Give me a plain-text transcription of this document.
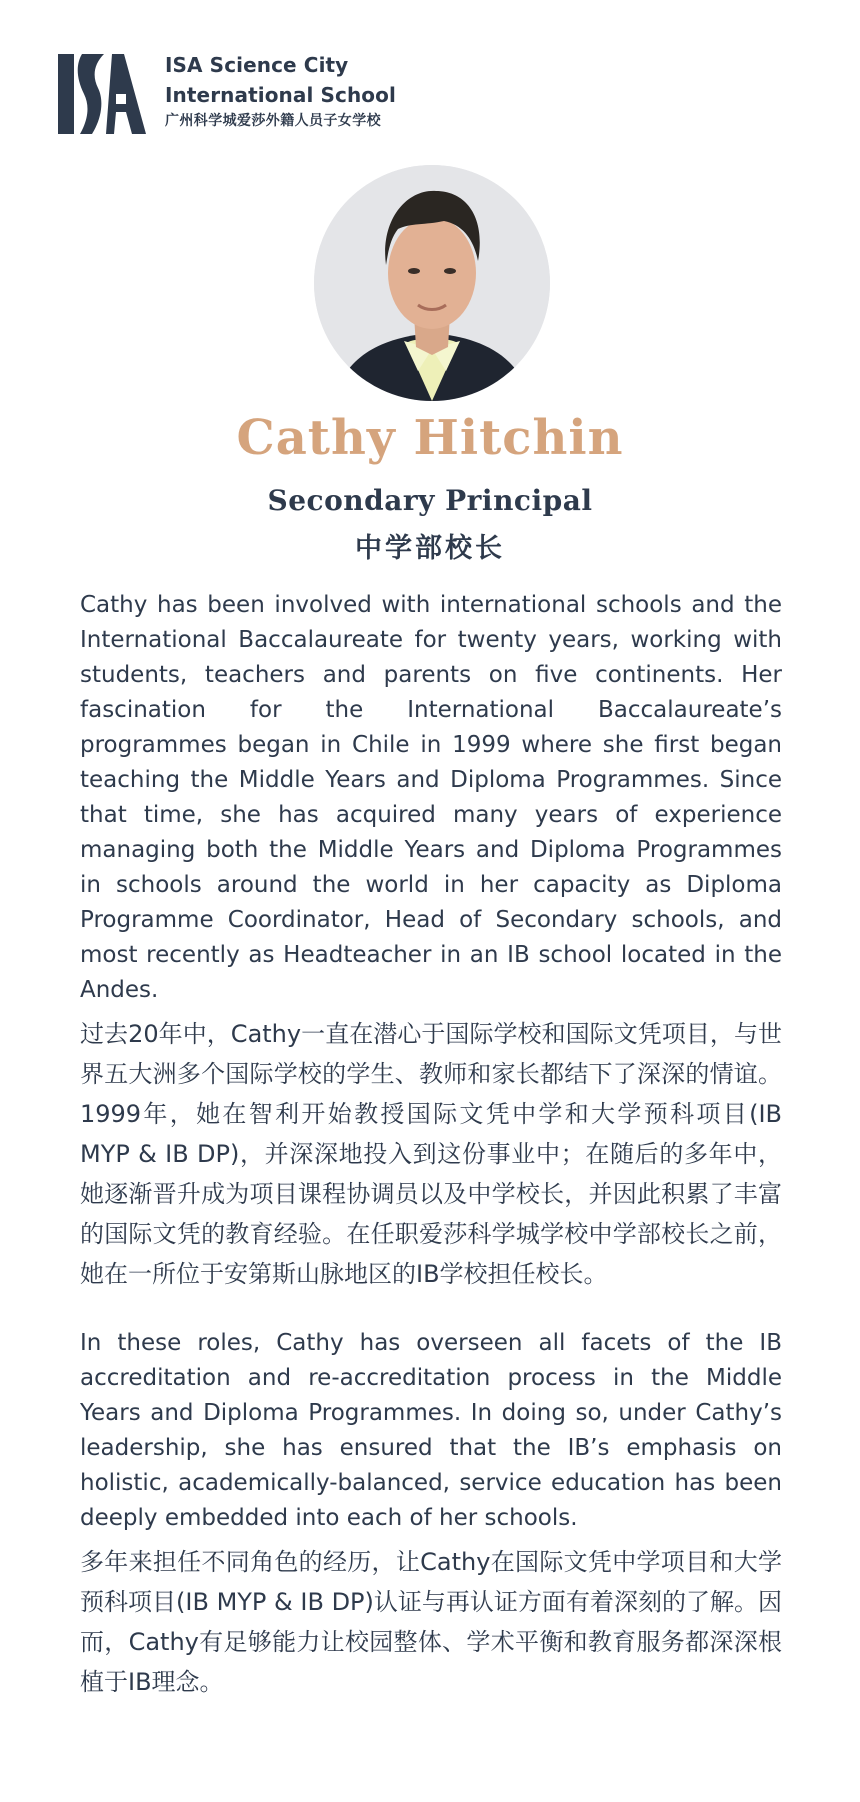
ISA Science City
International School
广州科学城爱莎外籍人员子女学校
Cathy Hitchin
Secondary Principal
中学部校长

Cathy has been involved with international schools and the International Baccalaureate for twenty years, working with students, teachers and parents on five continents. Her fascination for the International Baccalaureate’s programmes began in Chile in 1999 where she first began teaching the Middle Years and Diploma Programmes. Since that time, she has acquired many years of experience managing both the Middle Years and Diploma Programmes in schools around the world in her capacity as Diploma Programme Coordinator, Head of Secondary schools, and most recently as Headteacher in an IB school located in the Andes.

过去20年中，Cathy一直在潜心于国际学校和国际文凭项目，与世界五大洲多个国际学校的学生、教师和家长都结下了深深的情谊。1999年，她在智利开始教授国际文凭中学和大学预科项目(IB MYP & IB DP)，并深深地投入到这份事业中；在随后的多年中，她逐渐晋升成为项目课程协调员以及中学校长，并因此积累了丰富的国际文凭的教育经验。在任职爱莎科学城学校中学部校长之前，她在一所位于安第斯山脉地区的IB学校担任校长。

In these roles, Cathy has overseen all facets of the IB accreditation and re-accreditation process in the Middle Years and Diploma Programmes. In doing so, under Cathy’s leadership, she has ensured that the IB’s emphasis on holistic, academically-balanced, service education has been deeply embedded into each of her schools.

多年来担任不同角色的经历，让Cathy在国际文凭中学项目和大学预科项目(IB MYP & IB DP)认证与再认证方面有着深刻的了解。因而，Cathy有足够能力让校园整体、学术平衡和教育服务都深深根植于IB理念。
